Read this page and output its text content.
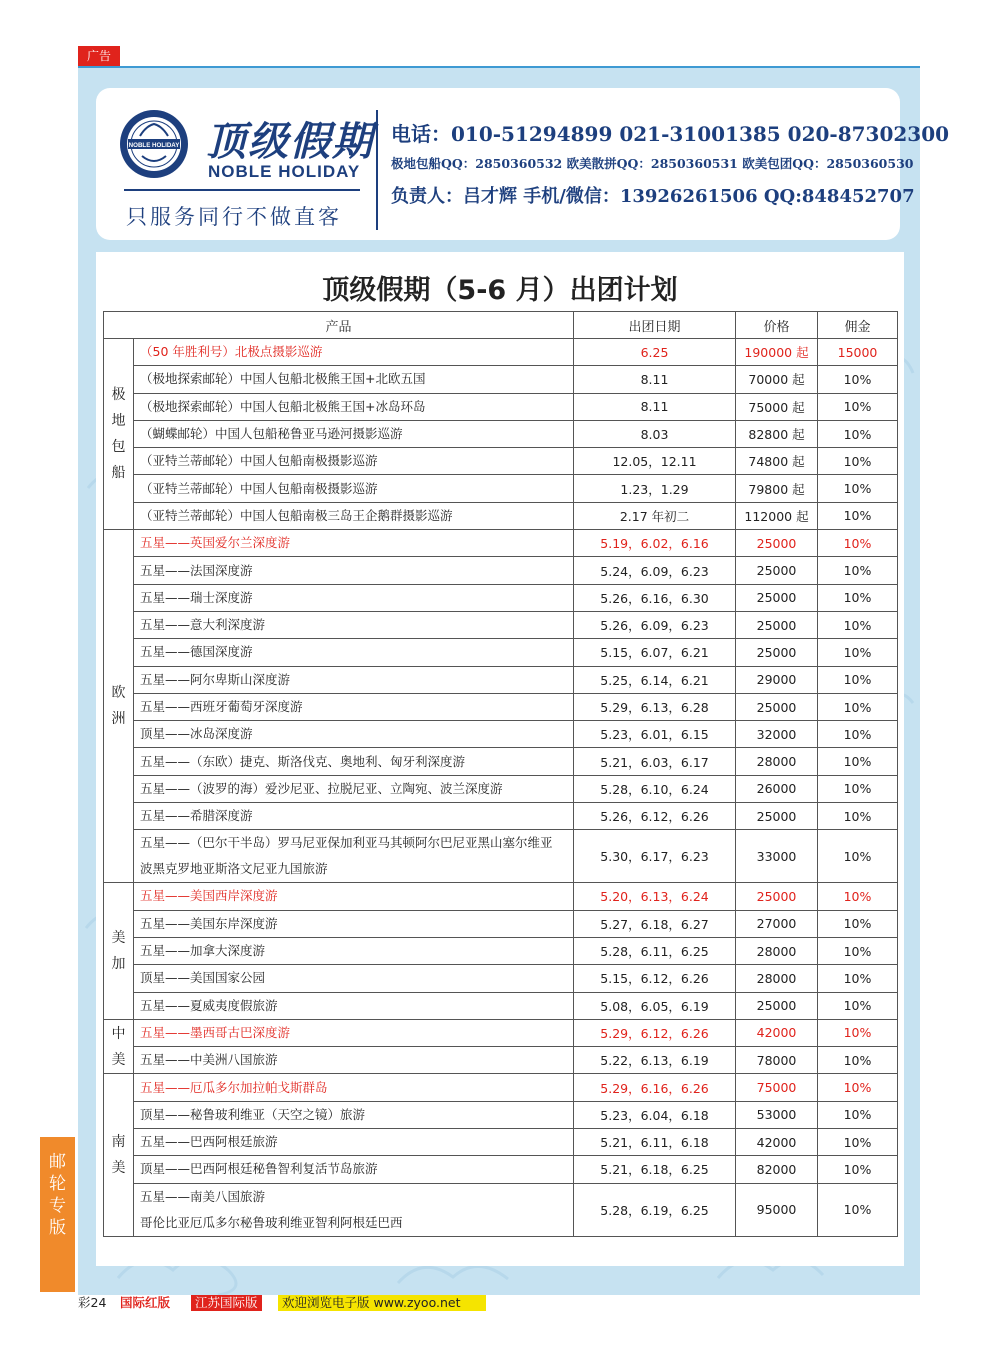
广告
NOBLE HOLIDAY 顶级假期
NOBLE HOLIDAY
只服务同行不做直客
电话：010-51294899 021-31001385 020-87302300
极地包船QQ：2850360532 欧美散拼QQ：2850360531 欧美包团QQ：2850360530
负责人：吕才辉 手机/微信：13926261506 QQ:848452707
顶级假期（5-6 月）出团计划
产品		出团日期	价格	佣金

极地包船	（50 年胜利号）北极点摄影巡游	6.25	190000 起	15000

	（极地探索邮轮）中国人包船北极熊王国+北欧五国	8.11	70000 起	10%

	（极地探索邮轮）中国人包船北极熊王国+冰岛环岛	8.11	75000 起	10%

	（蝴蝶邮轮）中国人包船秘鲁亚马逊河摄影巡游	8.03	82800 起	10%

	（亚特兰蒂邮轮）中国人包船南极摄影巡游	12.05，12.11	74800 起	10%

	（亚特兰蒂邮轮）中国人包船南极摄影巡游	1.23，1.29	79800 起	10%

	（亚特兰蒂邮轮）中国人包船南极三岛王企鹅群摄影巡游	2.17 年初二	112000 起	10%

欧洲	五星——英国爱尔兰深度游	5.19，6.02，6.16	25000	10%

	五星——法国深度游	5.24，6.09，6.23	25000	10%

	五星——瑞士深度游	5.26，6.16，6.30	25000	10%

	五星——意大利深度游	5.26，6.09，6.23	25000	10%

	五星——德国深度游	5.15，6.07，6.21	25000	10%

	五星——阿尔卑斯山深度游	5.25，6.14，6.21	29000	10%

	五星——西班牙葡萄牙深度游	5.29，6.13，6.28	25000	10%

	顶星——冰岛深度游	5.23，6.01，6.15	32000	10%

	五星——（东欧）捷克、斯洛伐克、奥地利、匈牙利深度游	5.21，6.03，6.17	28000	10%

	五星——（波罗的海）爱沙尼亚、拉脱尼亚、立陶宛、波兰深度游	5.28，6.10，6.24	26000	10%

	五星——希腊深度游	5.26，6.12，6.26	25000	10%

	五星——（巴尔干半岛）罗马尼亚保加利亚马其顿阿尔巴尼亚黑山塞尔维亚
波黑克罗地亚斯洛文尼亚九国旅游	5.30，6.17，6.23	33000	10%

美加	五星——美国西岸深度游	5.20，6.13，6.24	25000	10%

	五星——美国东岸深度游	5.27，6.18，6.27	27000	10%

	五星——加拿大深度游	5.28，6.11，6.25	28000	10%

	顶星——美国国家公园	5.15，6.12，6.26	28000	10%

	五星——夏威夷度假旅游	5.08，6.05，6.19	25000	10%

中美	五星——墨西哥古巴深度游	5.29，6.12，6.26	42000	10%

	五星——中美洲八国旅游	5.22，6.13，6.19	78000	10%

南美	五星——厄瓜多尔加拉帕戈斯群岛	5.29，6.16，6.26	75000	10%

	顶星——秘鲁玻利维亚（天空之镜）旅游	5.23，6.04，6.18	53000	10%

	五星——巴西阿根廷旅游	5.21，6.11，6.18	42000	10%

	顶星——巴西阿根廷秘鲁智利复活节岛旅游	5.21，6.18，6.25	82000	10%

	五星——南美八国旅游
哥伦比亚厄瓜多尔秘鲁玻利维亚智利阿根廷巴西	5.28，6.19，6.25	95000	10%
邮轮专版
彩24 国际红版	江苏国际版	欢迎浏览电子版 www.zyoo.net
